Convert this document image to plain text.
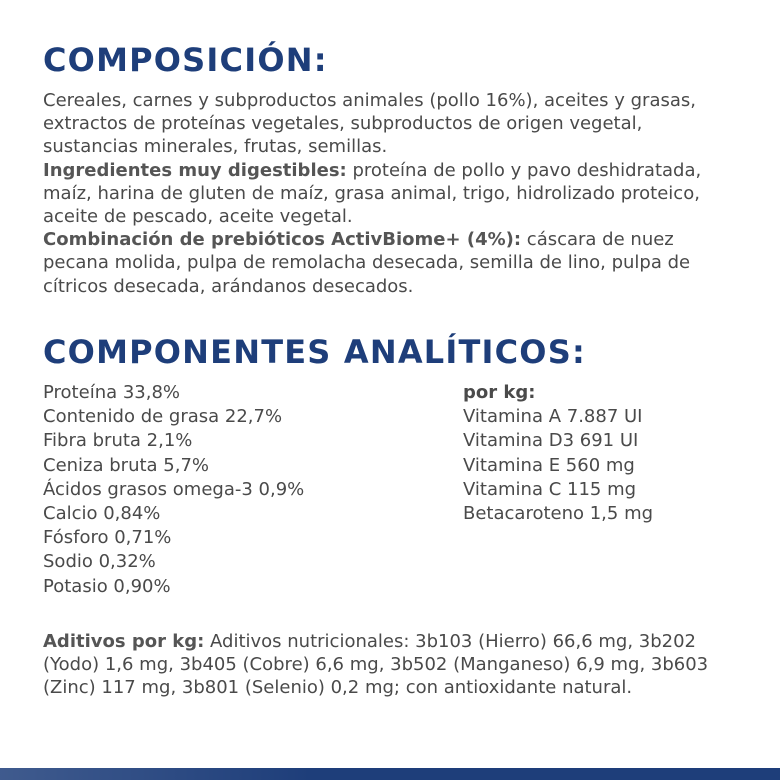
COMPOSICIÓN:

Cereales, carnes y subproductos animales (pollo 16%), aceites y grasas, extractos de proteínas vegetales, subproductos de origen vegetal, sustancias minerales, frutas, semillas.
Ingredientes muy digestibles: proteína de pollo y pavo deshidratada, maíz, harina de gluten de maíz, grasa animal, trigo, hidrolizado proteico, aceite de pescado, aceite vegetal.
Combinación de prebióticos ActivBiome+ (4%): cáscara de nuez pecana molida, pulpa de remolacha desecada, semilla de lino, pulpa de cítricos desecada, arándanos desecados.

COMPONENTES ANALÍTICOS:
Proteína 33,8%
Contenido de grasa 22,7%
Fibra bruta 2,1%
Ceniza bruta 5,7%
Ácidos grasos omega-3 0,9%
Calcio 0,84%
Fósforo 0,71%
Sodio 0,32%
Potasio 0,90%
por kg:
Vitamina A 7.887 UI
Vitamina D3 691 UI
Vitamina E 560 mg
Vitamina C 115 mg
Betacaroteno 1,5 mg

Aditivos por kg: Aditivos nutricionales: 3b103 (Hierro) 66,6 mg, 3b202 (Yodo) 1,6 mg, 3b405 (Cobre) 6,6 mg, 3b502 (Manganeso) 6,9 mg, 3b603 (Zinc) 117 mg, 3b801 (Selenio) 0,2 mg; con antioxidante natural.
